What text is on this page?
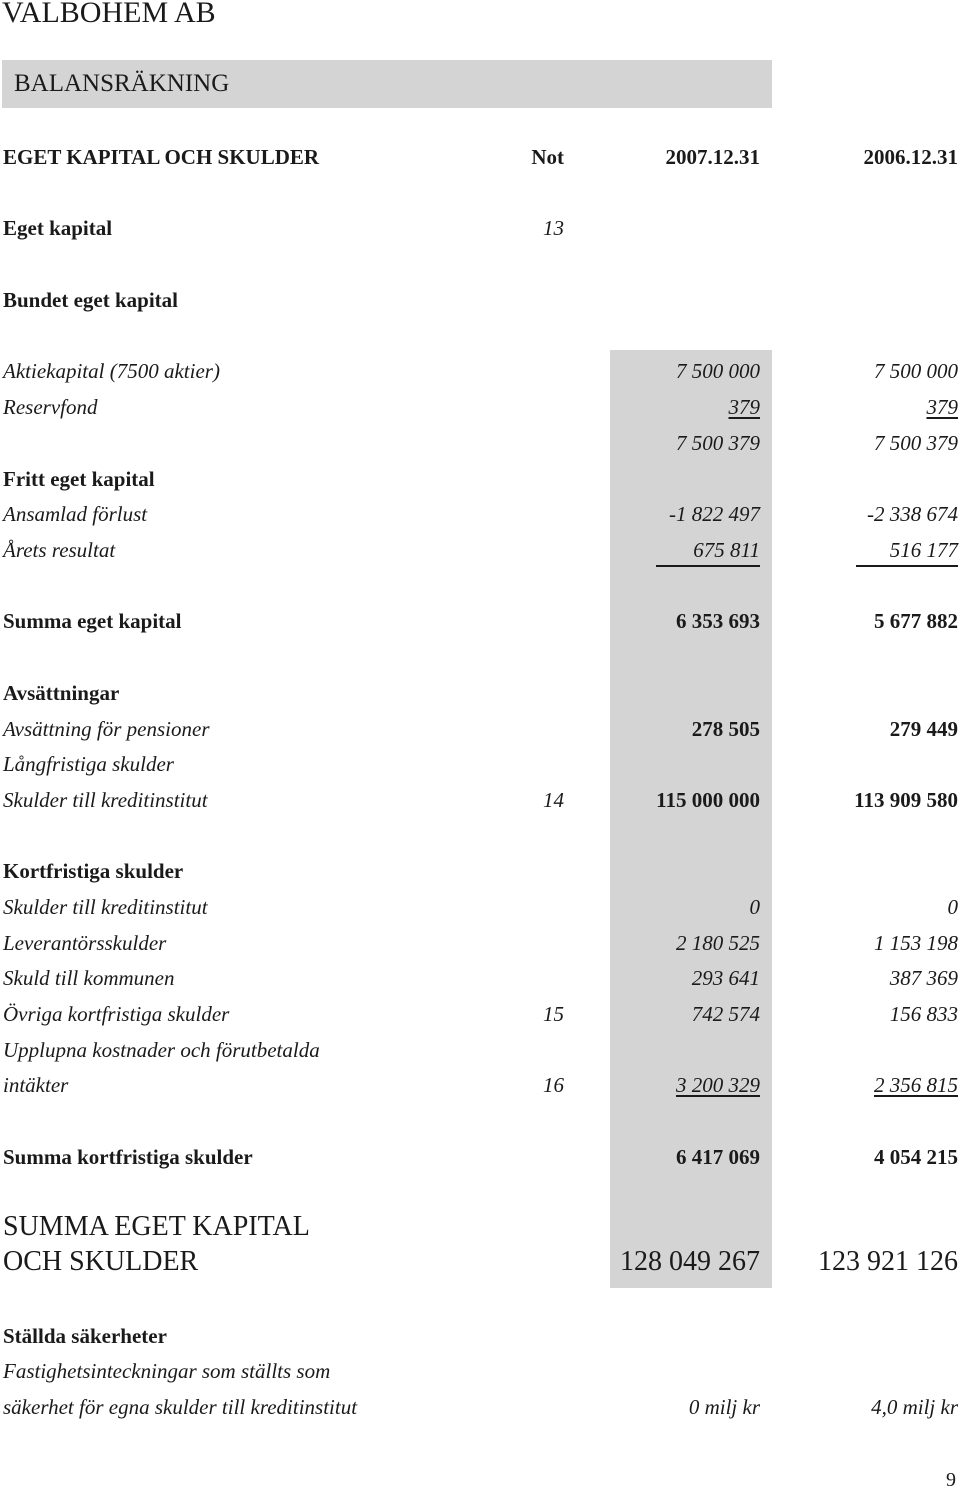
VALBOHEM AB
BALANSRÄKNING
EGET KAPITAL OCH SKULDER	Not	2007.12.31	2006.12.31
Eget kapital	13
Bundet eget kapital
Aktiekapital (7500 aktier)	7 500 000	7 500 000
Reservfond	379	379
7 500 379	7 500 379
Fritt eget kapital
Ansamlad förlust	-1 822 497	-2 338 674
Årets resultat	675 811	516 177
Summa eget kapital	6 353 693	5 677 882
Avsättningar
Avsättning för pensioner	278 505	279 449
Långfristiga skulder
Skulder till kreditinstitut	14	115 000 000	113 909 580
Kortfristiga skulder
Skulder till kreditinstitut	0	0
Leverantörsskulder	2 180 525	1 153 198
Skuld till kommunen	293 641	387 369
Övriga kortfristiga skulder	15	742 574	156 833
Upplupna kostnader och förutbetalda
intäkter	16	3 200 329	2 356 815
Summa kortfristiga skulder	6 417 069	4 054 215
SUMMA EGET KAPITAL
OCH SKULDER	128 049 267	123 921 126
Ställda säkerheter
Fastighetsinteckningar som ställts som
säkerhet för egna skulder till kreditinstitut	0 milj kr	4,0 milj kr
9
